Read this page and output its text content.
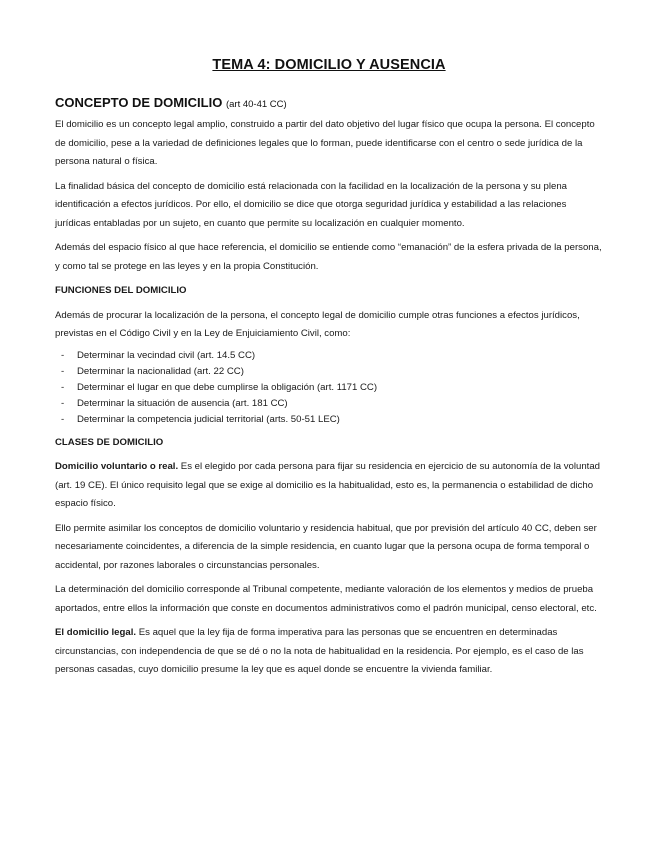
TEMA 4: DOMICILIO Y AUSENCIA
CONCEPTO DE DOMICILIO (art 40-41 CC)

El domicilio es un concepto legal amplio, construido a partir del dato objetivo del lugar físico que ocupa la persona. El concepto de domicilio, pese a la variedad de definiciones legales que lo forman, puede identificarse con el centro o sede jurídica de la persona natural o física.

La finalidad básica del concepto de domicilio está relacionada con la facilidad en la localización de la persona y su plena identificación a efectos jurídicos. Por ello, el domicilio se dice que otorga seguridad jurídica y estabilidad a las relaciones jurídicas entabladas por un sujeto, en cuanto que permite su localización en cualquier momento.

Además del espacio físico al que hace referencia, el domicilio se entiende como “emanación” de la esfera privada de la persona, y como tal se protege en las leyes y en la propia Constitución.

FUNCIONES DEL DOMICILIO

Además de procurar la localización de la persona, el concepto legal de domicilio cumple otras funciones a efectos jurídicos, previstas en el Código Civil y en la Ley de Enjuiciamiento Civil, como:

- Determinar la vecindad civil (art. 14.5 CC)
- Determinar la nacionalidad (art. 22 CC)
- Determinar el lugar en que debe cumplirse la obligación (art. 1171 CC)
- Determinar la situación de ausencia (art. 181 CC)
- Determinar la competencia judicial territorial (arts. 50-51 LEC)
CLASES DE DOMICILIO

Domicilio voluntario o real. Es el elegido por cada persona para fijar su residencia en ejercicio de su autonomía de la voluntad (art. 19 CE). El único requisito legal que se exige al domicilio es la habitualidad, esto es, la permanencia o estabilidad de dicho espacio físico.

Ello permite asimilar los conceptos de domicilio voluntario y residencia habitual, que por previsión del artículo 40 CC, deben ser necesariamente coincidentes, a diferencia de la simple residencia, en cuanto lugar que la persona ocupa de forma temporal o accidental, por razones laborales o circunstancias personales.

La determinación del domicilio corresponde al Tribunal competente, mediante valoración de los elementos y medios de prueba aportados, entre ellos la información que conste en documentos administrativos como el padrón municipal, censo electoral, etc.

El domicilio legal. Es aquel que la ley fija de forma imperativa para las personas que se encuentren en determinadas circunstancias, con independencia de que se dé o no la nota de habitualidad en la residencia. Por ejemplo, es el caso de las personas casadas, cuyo domicilio presume la ley que es aquel donde se encuentre la vivienda familiar.
